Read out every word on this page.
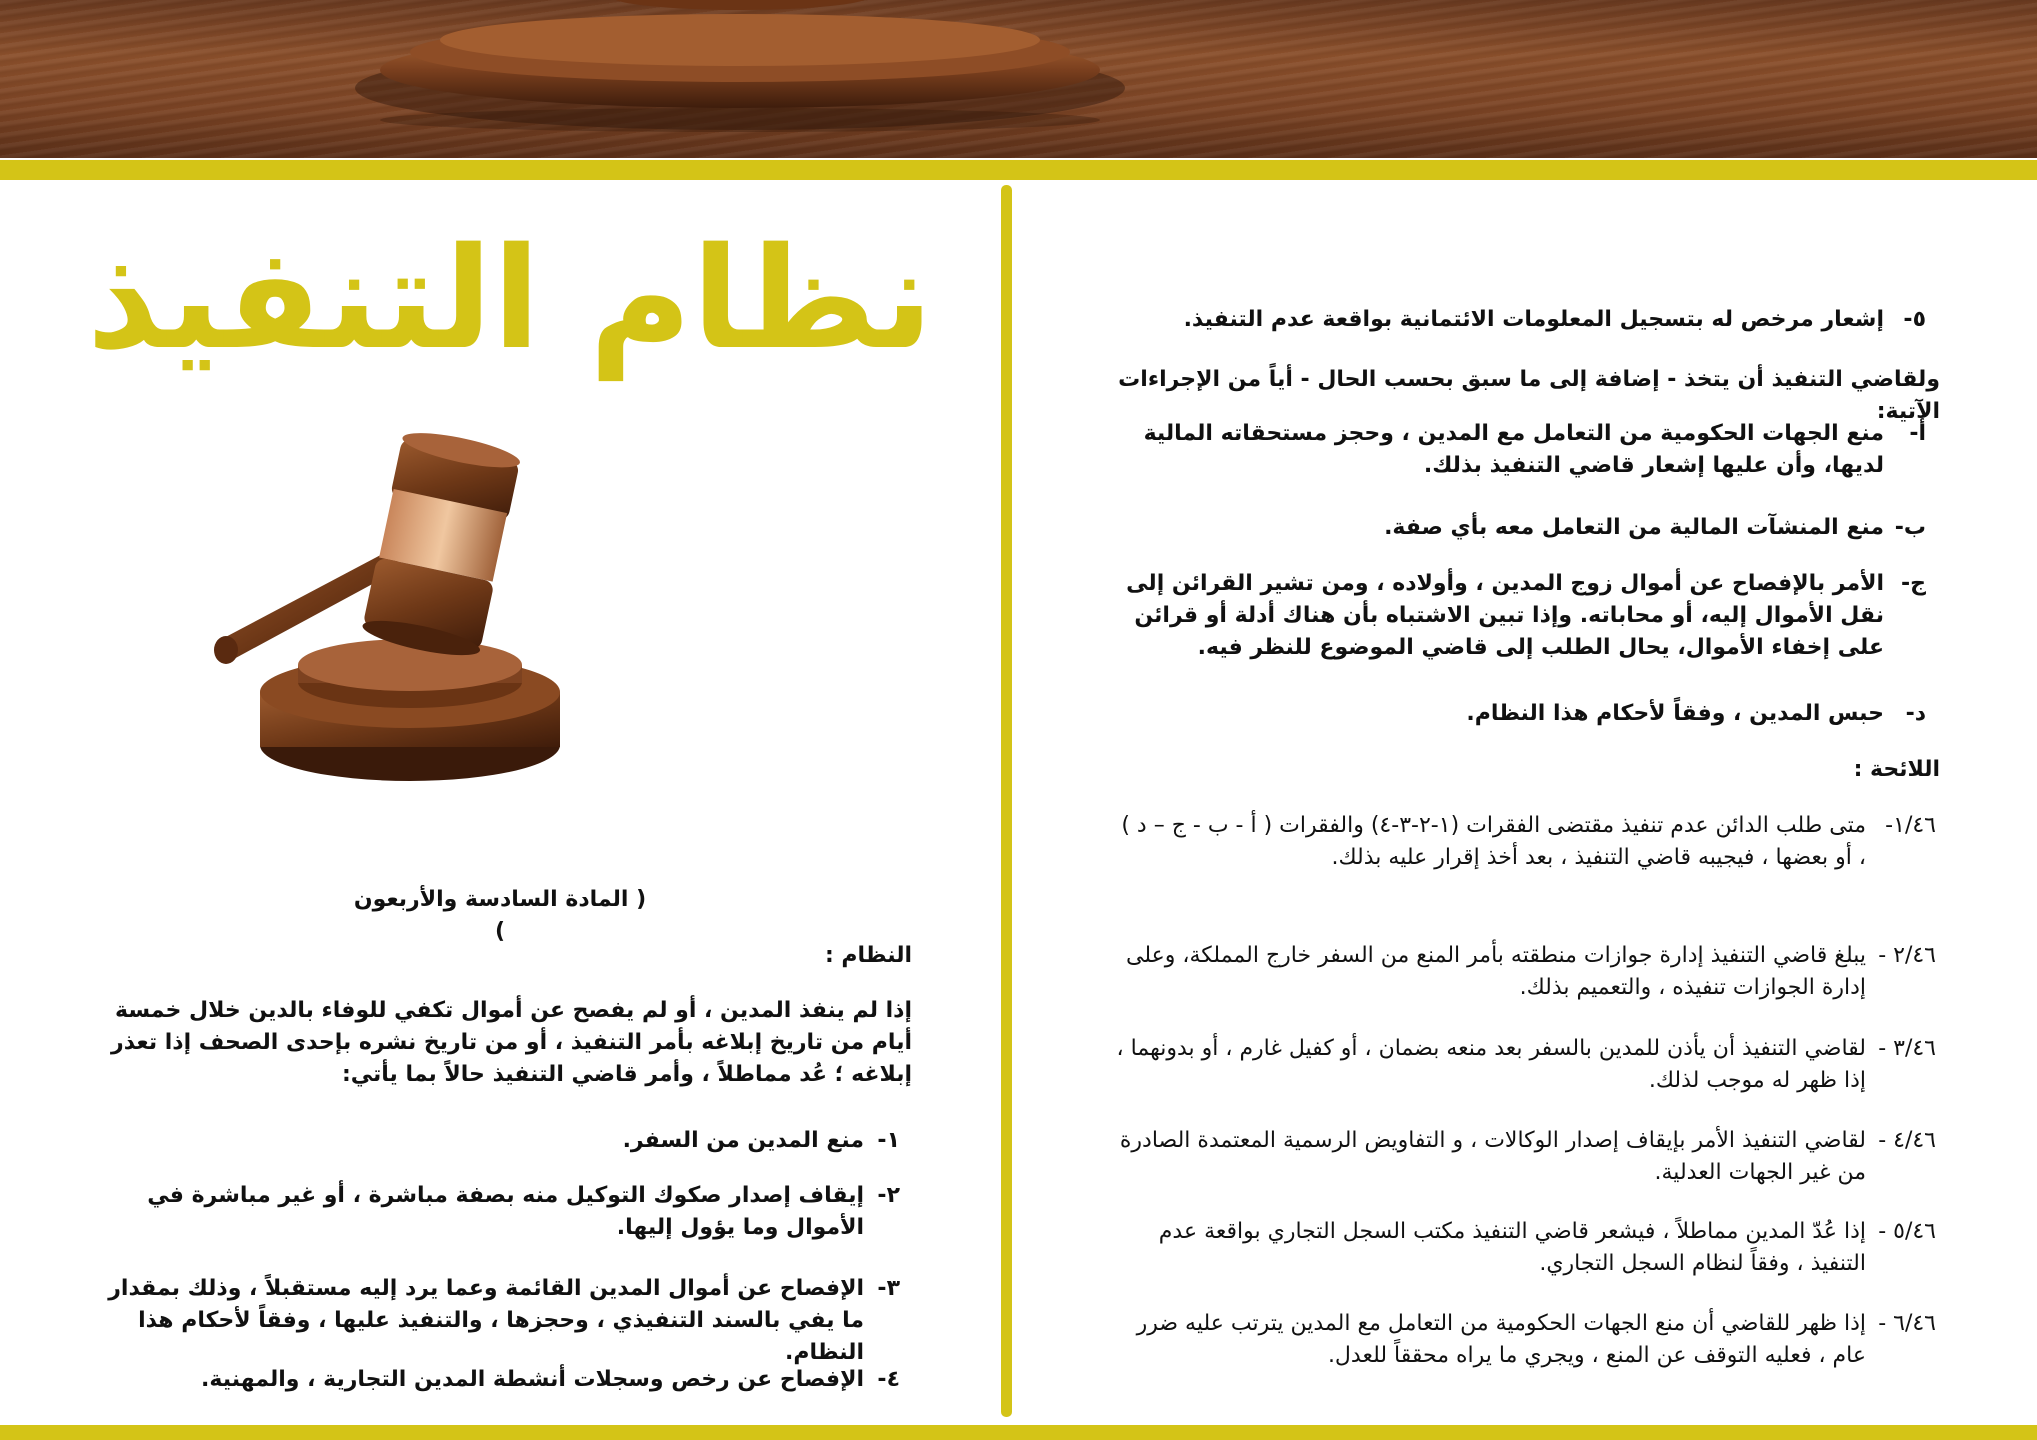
نظام التنفيذ
( المادة السادسة والأربعون )
النظام :
إذا لم ينفذ المدين ، أو لم يفصح عن أموال تكفي للوفاء بالدين خلال خمسة أيام من تاريخ إبلاغه بأمر التنفيذ ، أو من تاريخ نشره بإحدى الصحف إذا تعذر إبلاغه ؛ عُد مماطلاً ، وأمر قاضي التنفيذ حالاً بما يأتي:
١-
منع المدين من السفر.
٢-
إيقاف إصدار صكوك التوكيل منه بصفة مباشرة ، أو غير مباشرة في الأموال وما يؤول إليها.
٣-
الإفصاح عن أموال المدين القائمة وعما يرد إليه مستقبلاً ، وذلك بمقدار ما يفي بالسند التنفيذي ، وحجزها ، والتنفيذ عليها ، وفقاً لأحكام هذا النظام.
٤-
الإفصاح عن رخص وسجلات أنشطة المدين التجارية ، والمهنية.
٥-
إشعار مرخص له بتسجيل المعلومات الائتمانية بواقعة عدم التنفيذ.
ولقاضي التنفيذ أن يتخذ - إضافة إلى ما سبق بحسب الحال - أياً من الإجراءات الآتية:
أ-
منع الجهات الحكومية من التعامل مع المدين ، وحجز مستحقاته المالية لديها، وأن عليها إشعار قاضي التنفيذ بذلك.
ب-
منع المنشآت المالية من التعامل معه بأي صفة.
ج-
الأمر بالإفصاح عن أموال زوج المدين ، وأولاده ، ومن تشير القرائن إلى نقل الأموال إليه، أو محاباته. وإذا تبين الاشتباه بأن هناك أدلة أو قرائن على إخفاء الأموال، يحال الطلب إلى قاضي الموضوع للنظر فيه.
د-
حبس المدين ، وفقاً لأحكام هذا النظام.
اللائحة :
١/٤٦-
متى طلب الدائن عدم تنفيذ مقتضى الفقرات (١-٢-٣-٤) والفقرات ( أ - ب - ج – د ) ، أو بعضها ، فيجيبه قاضي التنفيذ ، بعد أخذ إقرار عليه بذلك.
٢/٤٦ -
يبلغ قاضي التنفيذ إدارة جوازات منطقته بأمر المنع من السفر خارج المملكة، وعلى إدارة الجوازات تنفيذه ، والتعميم بذلك.
٣/٤٦ -
لقاضي التنفيذ أن يأذن للمدين بالسفر بعد منعه بضمان ، أو كفيل غارم ، أو بدونهما ، إذا ظهر له موجب لذلك.
٤/٤٦ -
لقاضي التنفيذ الأمر بإيقاف إصدار الوكالات ، و التفاويض الرسمية المعتمدة الصادرة من غير الجهات العدلية.
٥/٤٦ -
إذا عُدّ المدين مماطلاً ، فيشعر قاضي التنفيذ مكتب السجل التجاري بواقعة عدم التنفيذ ، وفقاً لنظام السجل التجاري.
٦/٤٦ -
إذا ظهر للقاضي أن منع الجهات الحكومية من التعامل مع المدين يترتب عليه ضرر عام ، فعليه التوقف عن المنع ، ويجري ما يراه محققاً للعدل.
